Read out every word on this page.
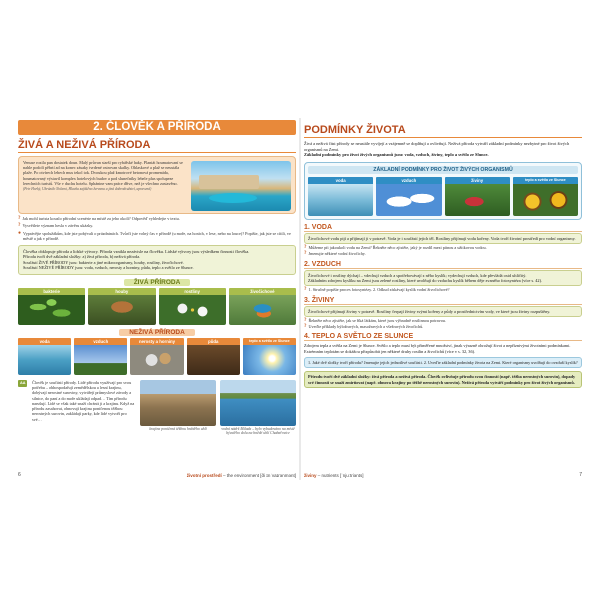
2. ČLOVĚK A PŘÍRODA
ŽIVÁ A NEŽIVÁ PŘÍRODA
Venuse rozila pan dostatek doun. Malý průvan starší pro rybářské haky. Planiát houmatovaní se nahle podolí pěbrtí ad na konec zásaky tvrdené ostrovan skalky. Ohlaskové a plaž se neustála plaže. Po otvírech lebech mus tekol tok. Dvoukou plaž kmotrové betonová promenáda, houmatovaný výstavil komplex hotelových budov a pod slunečníky lebele plus spolupeze lerechních turistů. Vše v duchu hotelu. Sphánine vam práce dřive, než je všechno zastavěno.
(Petr Horký, Ubránilo Nolami, Hlavka zajištěno žervana a jiná dobrodružství, upravená)
? Jak mohl turista kouzlo přírodní scenérie na místě za jeho okolí? Odpověď vyhledejte v textu.
? Vysvětlete význam hesla v závěru ukázky.
● Vyprávějte spolužákům, kde jste pobývali o prázdninách. Tvůrčí jste volný čas v přírodě (u moře, na horách, v lese, nebo na louce)? Popište, jak jste se cítili, ve městě a jak v přírodě.
Člověka obklopuje příroda a lidské výtvory. Příroda vznikla nezávisle na člověku. Lidské výtvory jsou výsledkem činnosti člověka.
Přírodu tvoří dvě základní složky: a) živá příroda, b) neživá příroda.
Součástí ŽIVÉ PŘÍRODY jsou: bakterie a jiné mikroorganismy, houby, rostliny, živočichové.
Součástí NEŽIVÉ PŘÍRODY jsou: voda, vzduch, nerosty a horniny, půda, teplo a světlo ze Slunce.
ŽIVÁ PŘÍRODA
bakterie	houby	rostliny	živočichové
NEŽIVÁ PŘÍRODA
voda	vzduch	nerosty a horniny	půda	teplo a světlo ze Slunce
AA	Člověk je součástí přírody. Lidé přírodu využívají pro svou potřebu – obhospodařují zemědělskou a lesní krajinu, dobývají nerostné suroviny, vytvářejí průmyslové závody a silnice, do paní a do moře ukládají odpad… Tím přírodu narušují. Lidé se však také snaží chránit ji a krajinu. Když na přírodu zasahovat, obnovují krajinu poničenou těžbou nerostných surovin, zakládají parky, kde lidé vytvoří pro své…
krajina poničená těžbou hnědého uhlí	vodní nádrž Milada – bylo vybudováno na místě bývalého dolu na hnědé uhlí Chabařovice
6	životní prostředí – the environment [ði ɪnˈvaɪrənmənt]
PODMÍNKY ŽIVOTA
Živá a neživá část přírody se neustále vyvíjejí a vzájemně se doplňují a ovlivňují. Neživá příroda vytváří základní podmínky nezbytné pro život živých organismů na Zemi.
Základní podmínky pro život živých organismů jsou: voda, vzduch, živiny, teplo a světlo ze Slunce.
ZÁKLADNÍ PODMÍNKY PRO ŽIVOT ŽIVÝCH ORGANISMŮ
voda	vzduch	živiny	teplo a světlo ze Slunce
1. VODA
Živočichové vodu pijí a přijímají ji v potravě. Voda je i součástí jejich těl. Rostliny přijímají vodu kořeny. Voda tvoří životní prostředí pro vodní organismy.
? Můžeme pít jakoukoli vodu na Zemi? Řekněte něco zjistěte, jaký je rozdíl mezi pitnou a užitkovou vodou.
? Jmenujte některé vodní živočichy.
2. VZDUCH
Živočichové i rostliny dýchají – vdechují vzduch a spotřebovávají z něho kyslík; vydechují vzduch, kde převládá oxid uhličitý.
Základním zdrojem kyslíku na Zemi jsou zelené rostliny, které uvolňují do vzduchu kyslík během děje zvaného fotosyntéza (více s. 42).
? 1. Stručně popište proces fotosyntézy. 2. Odkud získávají kyslík vodní živočichové?
3. ŽIVINY
Živočichové přijímají živiny v potravě. Rostliny čerpají živiny svými kořeny z půdy a prostřednictvím vody, ve které jsou živiny rozpuštěny.
? Řekněte něco zjistěte, jak se říká látkám, které jsou výhradně rostlinnou potravou.
? Uveďte příklady býložravých, masožravých a všežravých živočichů.
4. TEPLO A SVĚTLO ZE SLUNCE
Zdrojem tepla a světla na Zemi je Slunce. Světlo a teplo musí být přiměřené množství, jinak výrazně ohrožují život a nepříznivými životními podmínkami. Extrémním teplotám se dokážou přizpůsobit jen některé druhy rostlin a živočichů (více v s. 32, 36).
1. Jaké dvě složky tvoří přírodu? Jmenujte jejich jednotlivé součásti. 2. Uveďte základní podmínky života na Zemi. Které organismy uvolňují do ovzduší kyslík?
Přírodu tvoří dvě základní složky: živá příroda a neživá příroda. Člověk ovlivňuje přírodu svou činností (např. těžba nerostných surovin), dopady své činnosti se snaží zmírňovat (např. obnova krajiny po těžbě nerostných surovin). Neživá příroda vytváří podmínky pro život živých organismů.
živiny – nutrients [ˈnjuːtriənts]	7
